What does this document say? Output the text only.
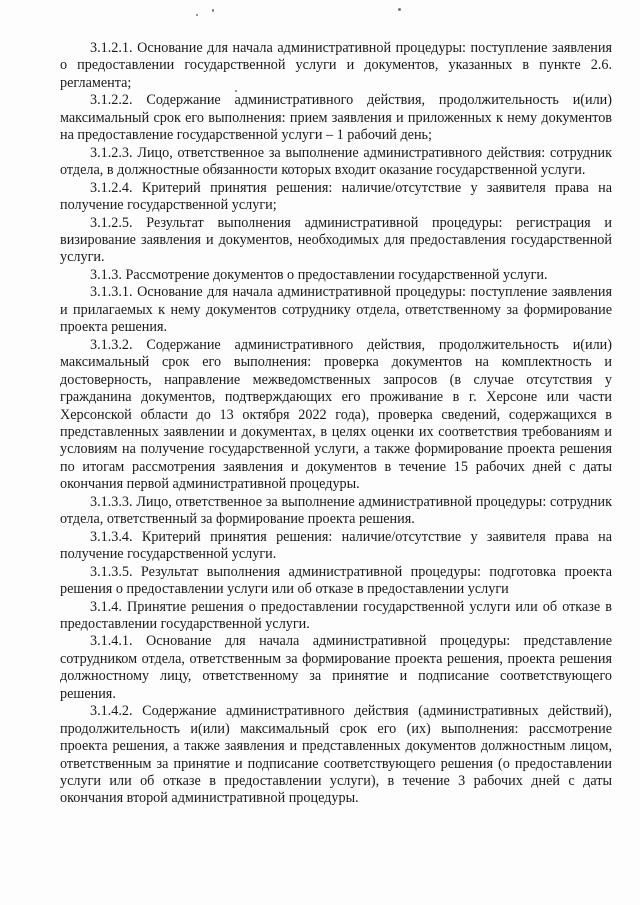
3.1.2.1. Основание для начала административной процедуры: поступление заявления о предоставлении государственной услуги и документов, указанных в пункте 2.6. регламента;

3.1.2.2. Содержание административного действия, продолжительность и(или) максимальный срок его выполнения: прием заявления и приложенных к нему документов на предоставление государственной услуги – 1 рабочий день;

3.1.2.3. Лицо, ответственное за выполнение административного действия: сотрудник отдела, в должностные обязанности которых входит оказание государственной услуги.

3.1.2.4. Критерий принятия решения: наличие/отсутствие у заявителя права на получение государственной услуги;

3.1.2.5. Результат выполнения административной процедуры: регистрация и визирование заявления и документов, необходимых для предоставления государственной услуги.

3.1.3. Рассмотрение документов о предоставлении государственной услуги.

3.1.3.1. Основание для начала административной процедуры: поступление заявления и прилагаемых к нему документов сотруднику отдела, ответственному за формирование проекта решения.

3.1.3.2. Содержание административного действия, продолжительность и(или) максимальный срок его выполнения: проверка документов на комплектность и достоверность, направление межведомственных запросов (в случае отсутствия у гражданина документов, подтверждающих его проживание в г. Херсоне или части Херсонской области до 13 октября 2022 года), проверка сведений, содержащихся в представленных заявлении и документах, в целях оценки их соответствия требованиям и условиям на получение государственной услуги, а также формирование проекта решения по итогам рассмотрения заявления и документов в течение 15 рабочих дней с даты окончания первой административной процедуры.

3.1.3.3. Лицо, ответственное за выполнение административной процедуры: сотрудник отдела, ответственный за формирование проекта решения.

3.1.3.4. Критерий принятия решения: наличие/отсутствие у заявителя права на получение государственной услуги.

3.1.3.5. Результат выполнения административной процедуры: подготовка проекта решения о предоставлении услуги или об отказе в предоставлении услуги

3.1.4. Принятие решения о предоставлении государственной услуги или об отказе в предоставлении государственной услуги.

3.1.4.1. Основание для начала административной процедуры: представление сотрудником отдела, ответственным за формирование проекта решения, проекта решения должностному лицу, ответственному за принятие и подписание соответствующего решения.

3.1.4.2. Содержание административного действия (административных действий), продолжительность и(или) максимальный срок его (их) выполнения: рассмотрение проекта решения, а также заявления и представленных документов должностным лицом, ответственным за принятие и подписание соответствующего решения (о предоставлении услуги или об отказе в предоставлении услуги), в течение 3 рабочих дней с даты окончания второй административной процедуры.
